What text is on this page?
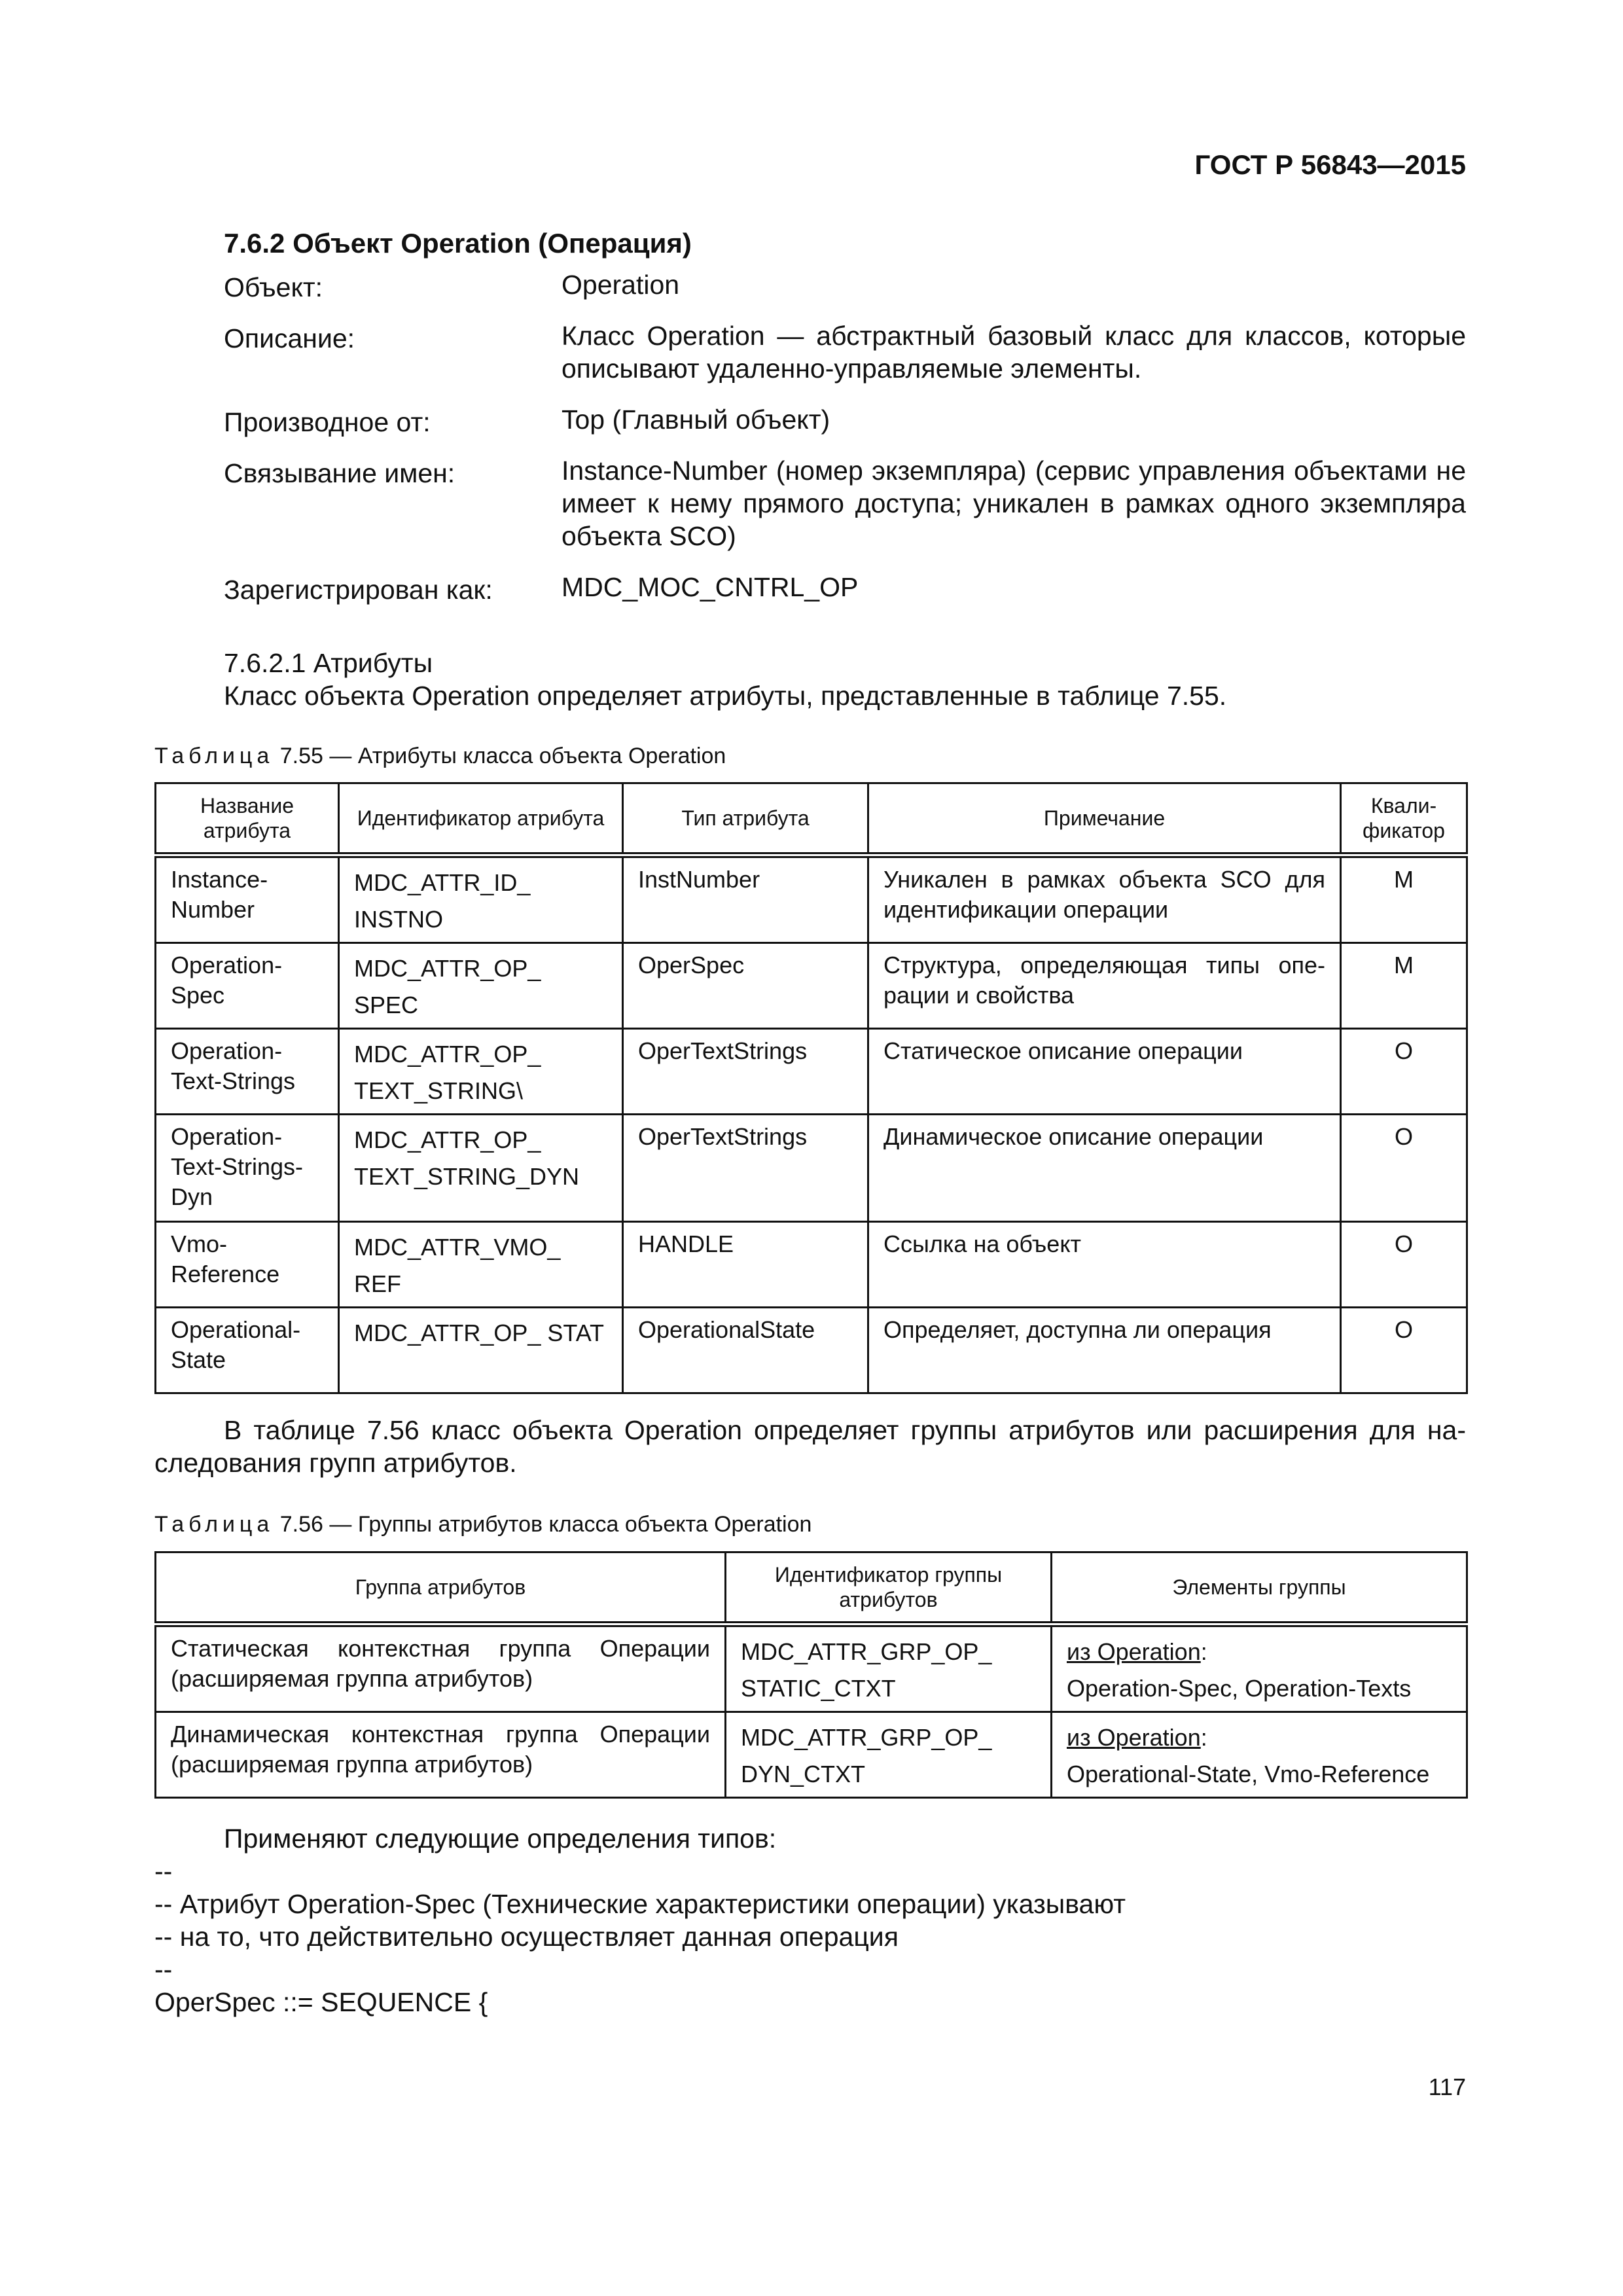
ГОСТ Р 56843—2015
7.6.2 Объект Operation (Операция)
Объект:	Operation
Описание:	Класс Operation — абстрактный базовый класс для классов, которые описывают удаленно-управляемые элементы.
Производное от:	Top (Главный объект)
Связывание имен:	Instance-Number (номер экземпляра) (сервис управления объектами не имеет к нему прямого доступа; уникален в рамках одного экземпляра объекта SCO)
Зарегистрирован как:	MDC_MOC_CNTRL_OP
7.6.2.1 Атрибуты
Класс объекта Operation определяет атрибуты, представленные в таблице 7.55.
Таблица 7.55 — Атрибуты класса объекта Operation
Название атрибута	Идентификатор атрибута	Тип атрибута	Примечание	Квали-фикатор
Instance-Number	MDC_ATTR_ID_ INSTNO	InstNumber	Уникален в рамках объекта SCO для идентификации операции	M
Operation-Spec	MDC_ATTR_OP_ SPEC	OperSpec	Структура, определяющая типы опе-рации и свойства	M
Operation-Text-Strings	MDC_ATTR_OP_ TEXT_STRING\	OperTextStrings	Статическое описание операции	O
Operation-Text-Strings-Dyn	MDC_ATTR_OP_ TEXT_STRING_DYN	OperTextStrings	Динамическое описание операции	O
Vmo-Reference	MDC_ATTR_VMO_ REF	HANDLE	Ссылка на объект	O
Operational-State	MDC_ATTR_OP_ STAT	OperationalState	Определяет, доступна ли операция	O
В таблице 7.56 класс объекта Operation определяет группы атрибутов или расширения для на-следования групп атрибутов.
Таблица 7.56 — Группы атрибутов класса объекта Operation
Группа атрибутов	Идентификатор группы атрибутов	Элементы группы
Статическая контекстная группа Операции (расширяемая группа атрибутов)	MDC_ATTR_GRP_OP_ STATIC_CTXT	из Operation:
Operation-Spec, Operation-Texts
Динамическая контекстная группа Операции (расширяемая группа атрибутов)	MDC_ATTR_GRP_OP_ DYN_CTXT	из Operation:
Operational-State, Vmo-Reference
Применяют следующие определения типов:
--
-- Атрибут Operation-Spec (Технические характеристики операции) указывают
-- на то, что действительно осуществляет данная операция
--
OperSpec ::= SEQUENCE {
117
